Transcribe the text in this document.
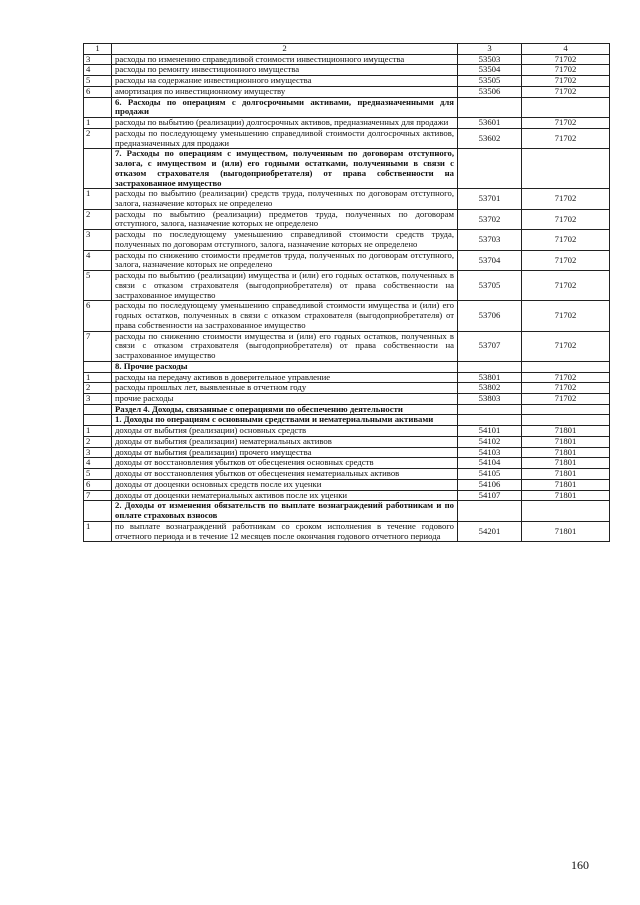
1	2	3	4
3	расходы по изменению справедливой стоимости инвестиционного имущества	53503	71702
4	расходы по ремонту инвестиционного имущества	53504	71702
5	расходы на содержание инвестиционного имущества	53505	71702
6	амортизация по инвестиционному имуществу	53506	71702
	6. Расходы по операциям с долгосрочными активами, предназначенными для продажи		
1	расходы по выбытию (реализации) долгосрочных активов, предназначенных для продажи	53601	71702
2	расходы по последующему уменьшению справедливой стоимости долгосрочных активов, предназначенных для продажи	53602	71702
	7. Расходы по операциям с имуществом, полученным по договорам отступного, залога, с имуществом и (или) его годными остатками, полученными в связи с отказом страхователя (выгодоприобретателя) от права собственности на застрахованное имущество		
1	расходы по выбытию (реализации) средств труда, полученных по договорам отступного, залога, назначение которых не определено	53701	71702
2	расходы по выбытию (реализации) предметов труда, полученных по договорам отступного, залога, назначение которых не определено	53702	71702
3	расходы по последующему уменьшению справедливой стоимости средств труда, полученных по договорам отступного, залога, назначение которых не определено	53703	71702
4	расходы по снижению стоимости предметов труда, полученных по договорам отступного, залога, назначение которых не определено	53704	71702
5	расходы по выбытию (реализации) имущества и (или) его годных остатков, полученных в связи с отказом страхователя (выгодоприобретателя) от права собственности на застрахованное имущество	53705	71702
6	расходы по последующему уменьшению справедливой стоимости имущества и (или) его годных остатков, полученных в связи с отказом страхователя (выгодоприобретателя) от права собственности на застрахованное имущество	53706	71702
7	расходы по снижению стоимости имущества и (или) его годных остатков, полученных в связи с отказом страхователя (выгодоприобретателя) от права собственности на застрахованное имущество	53707	71702
	8. Прочие расходы		
1	расходы на передачу активов в доверительное управление	53801	71702
2	расходы прошлых лет, выявленные в отчетном году	53802	71702
3	прочие расходы	53803	71702
	Раздел 4. Доходы, связанные с операциями по обеспечению деятельности		
	1. Доходы по операциям с основными средствами и нематериальными активами		
1	доходы от выбытия (реализации) основных средств	54101	71801
2	доходы от выбытия (реализации) нематериальных активов	54102	71801
3	доходы от выбытия (реализации) прочего имущества	54103	71801
4	доходы от восстановления убытков от обесценения основных средств	54104	71801
5	доходы от восстановления убытков от обесценения нематериальных активов	54105	71801
6	доходы от дооценки основных средств после их уценки	54106	71801
7	доходы от дооценки нематериальных активов после их уценки	54107	71801
	2. Доходы от изменения обязательств по выплате вознаграждений работникам и по оплате страховых взносов		
1	по выплате вознаграждений работникам со сроком исполнения в течение годового отчетного периода и в течение 12 месяцев после окончания годового отчетного периода	54201	71801
160
